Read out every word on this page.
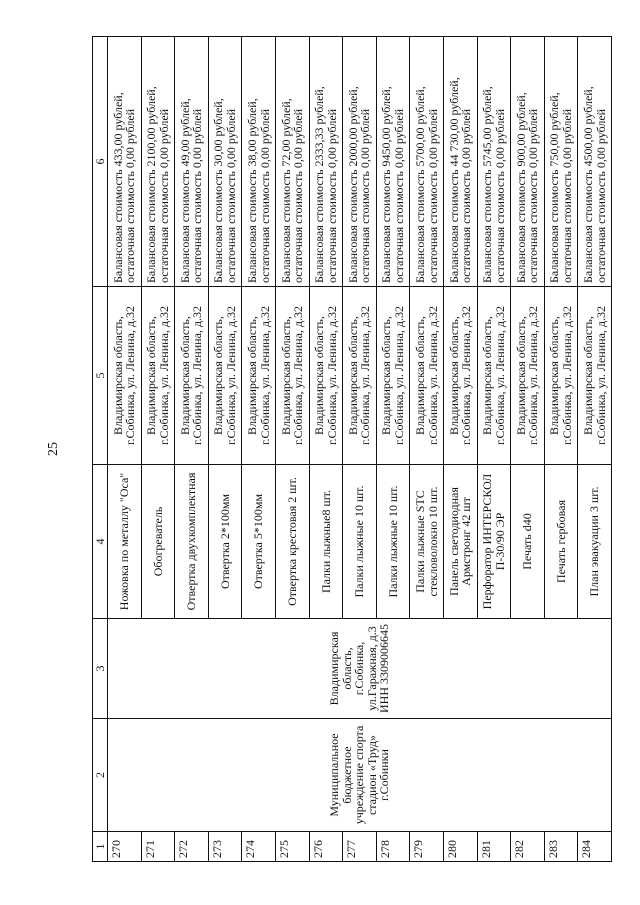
25
1	2	3	4	5	6
270	Муниципальное бюджетное учреждение спорта стадион «Труд» г.Собинки	Владимирская область, г.Собинка, ул.Гаражная, д.3 ИНН 3309006645	Ножовка по металлу "Оса"	Владимирская область, г.Собинка, ул. Ленина, д.32	Балансовая стоимость 433,00 рублей, остаточная стоимость 0,00 рублей
271			Обогреватель	Владимирская область, г.Собинка, ул. Ленина, д.32	Балансовая стоимость 2100,00 рублей, остаточная стоимость 0,00 рублей
272			Отвертка двухкомплектная	Владимирская область, г.Собинка, ул. Ленина, д.32	Балансовая стоимость 49,00 рублей, остаточная стоимость 0,00 рублей
273			Отвертка 2*100мм	Владимирская область, г.Собинка, ул. Ленина, д.32	Балансовая стоимость 30,00 рублей, остаточная стоимость 0,00 рублей
274			Отвертка 5*100мм	Владимирская область, г.Собинка, ул. Ленина, д.32	Балансовая стоимость 38,00 рублей, остаточная стоимость 0,00 рублей
275			Отвертка крестовая 2 шт.	Владимирская область, г.Собинка, ул. Ленина, д.32	Балансовая стоимость 72,00 рублей, остаточная стоимость 0,00 рублей
276			Палки лыжные8 шт.	Владимирская область, г.Собинка, ул. Ленина, д.32	Балансовая стоимость 2333,33 рублей, остаточная стоимость 0,00 рублей
277			Палки лыжные 10 шт.	Владимирская область, г.Собинка, ул. Ленина, д.32	Балансовая стоимость 2000,00 рублей, остаточная стоимость 0,00 рублей
278			Палки лыжные 10 шт.	Владимирская область, г.Собинка, ул. Ленина, д.32	Балансовая стоимость 9450,00 рублей, остаточная стоимость 0,00 рублей
279			Палки лыжные STC стекловолокно 10 шт.	Владимирская область, г.Собинка, ул. Ленина, д.32	Балансовая стоимость 5700,00 рублей, остаточная стоимость 0,00 рублей
280			Панель светодиодная Армстронг 42 шт	Владимирская область, г.Собинка, ул. Ленина, д.32	Балансовая стоимость 44 730,00 рублей, остаточная стоимость 0,00 рублей
281			Перфоратор ИНТЕРСКОЛ П-30/90 ЭР	Владимирская область, г.Собинка, ул. Ленина, д.32	Балансовая стоимость 5745,00 рублей, остаточная стоимость 0,00 рублей
282			Печать d40	Владимирская область, г.Собинка, ул. Ленина, д.32	Балансовая стоимость 900,00 рублей, остаточная стоимость 0,00 рублей
283			Печать гербовая	Владимирская область, г.Собинка, ул. Ленина, д.32	Балансовая стоимость 750,00 рублей, остаточная стоимость 0,00 рублей
284			План эвакуации 3 шт.	Владимирская область, г.Собинка, ул. Ленина, д.32	Балансовая стоимость 4500,00 рублей, остаточная стоимость 0,00 рублей
